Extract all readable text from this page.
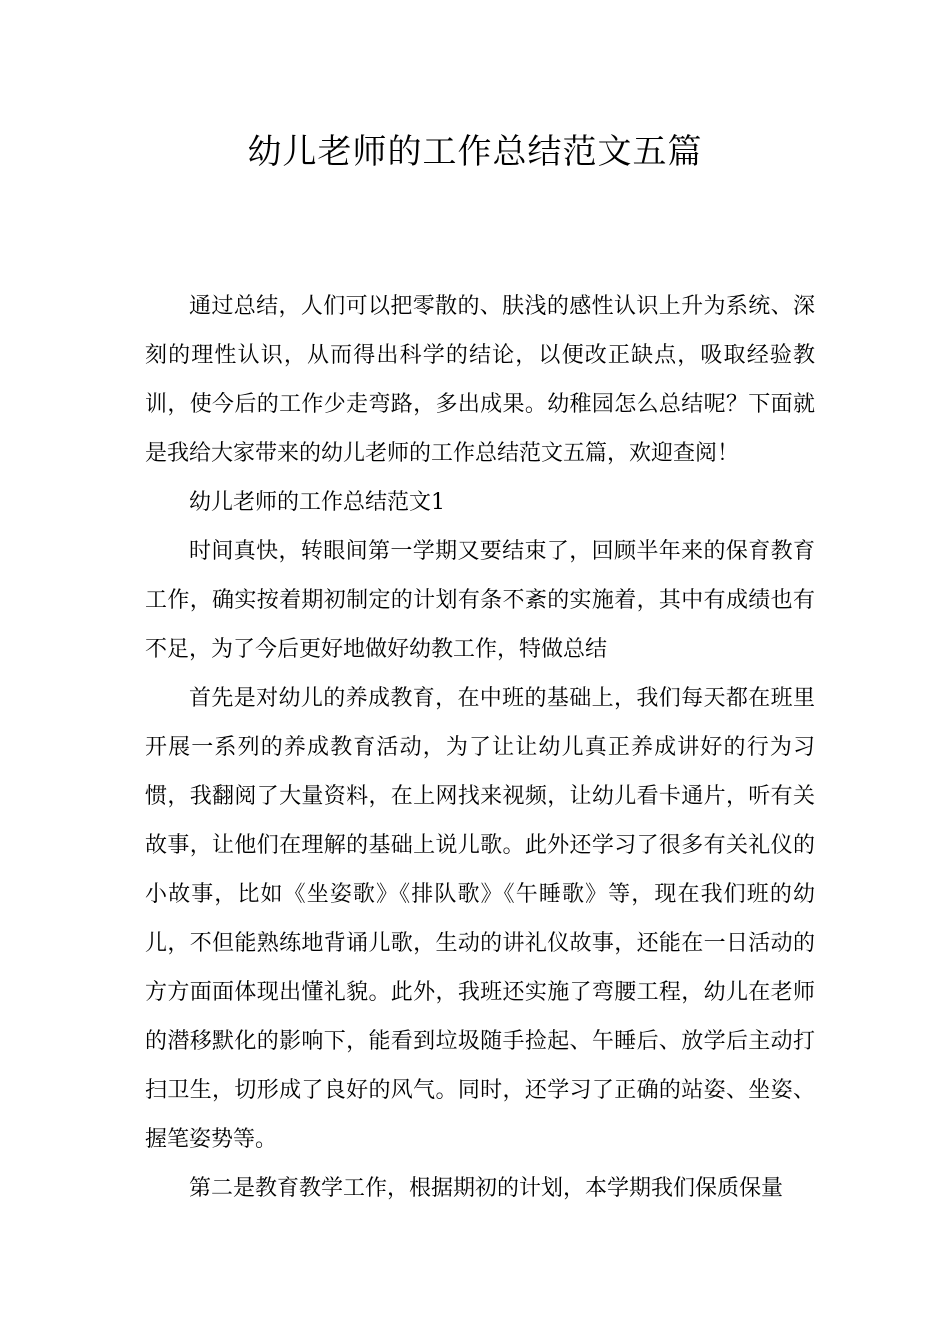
幼儿老师的工作总结范文五篇

通过总结，人们可以把零散的、肤浅的感性认识上升为系统、深刻的理性认识，从而得出科学的结论，以便改正缺点，吸取经验教训，使今后的工作少走弯路，多出成果。幼稚园怎么总结呢？下面就是我给大家带来的幼儿老师的工作总结范文五篇，欢迎查阅！

幼儿老师的工作总结范文1

时间真快，转眼间第一学期又要结束了，回顾半年来的保育教育工作，确实按着期初制定的计划有条不紊的实施着，其中有成绩也有不足，为了今后更好地做好幼教工作，特做总结

首先是对幼儿的养成教育，在中班的基础上，我们每天都在班里开展一系列的养成教育活动，为了让让幼儿真正养成讲好的行为习惯，我翻阅了大量资料，在上网找来视频，让幼儿看卡通片，听有关故事，让他们在理解的基础上说儿歌。此外还学习了很多有关礼仪的小故事，比如《坐姿歌》《排队歌》《午睡歌》等，现在我们班的幼儿，不但能熟练地背诵儿歌，生动的讲礼仪故事，还能在一日活动的方方面面体现出懂礼貌。此外，我班还实施了弯腰工程，幼儿在老师的潜移默化的影响下，能看到垃圾随手捡起、午睡后、放学后主动打扫卫生，切形成了良好的风气。同时，还学习了正确的站姿、坐姿、握笔姿势等。

第二是教育教学工作，根据期初的计划，本学期我们保质保量
